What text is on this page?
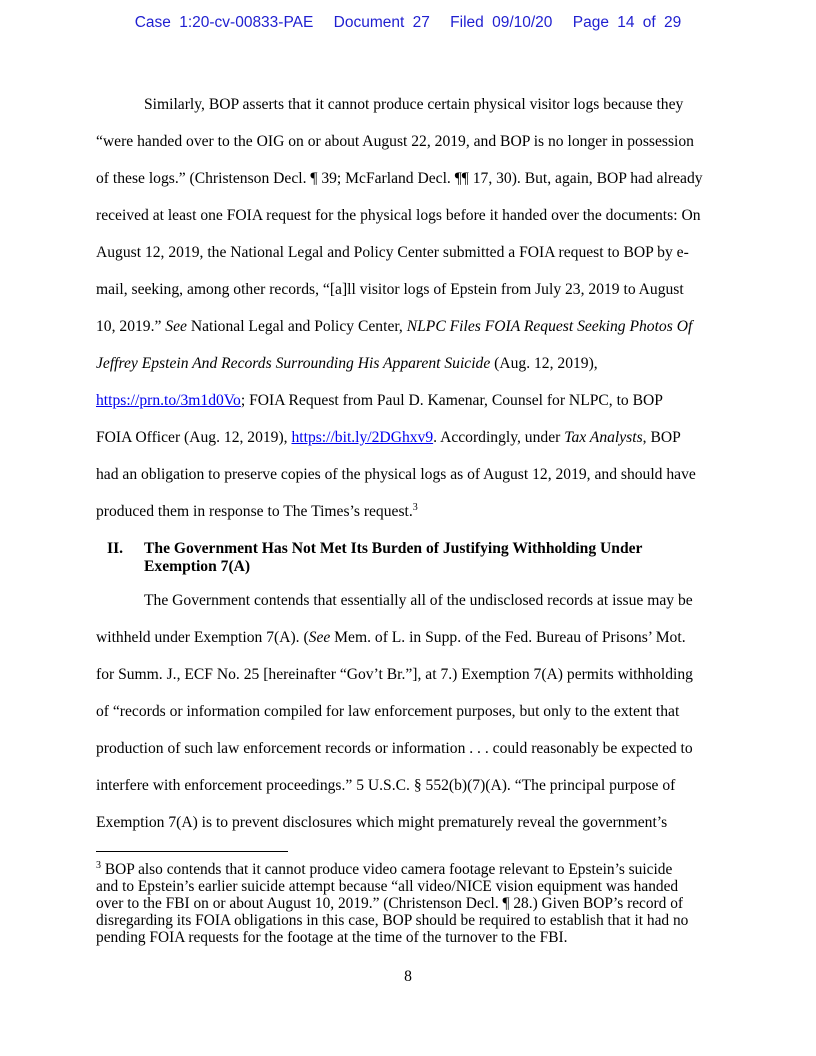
Case 1:20-cv-00833-PAE Document 27 Filed 09/10/20 Page 14 of 29
Similarly, BOP asserts that it cannot produce certain physical visitor logs because they
“were handed over to the OIG on or about August 22, 2019, and BOP is no longer in possession
of these logs.” (Christenson Decl. ¶ 39; McFarland Decl. ¶¶ 17, 30). But, again, BOP had already
received at least one FOIA request for the physical logs before it handed over the documents: On
August 12, 2019, the National Legal and Policy Center submitted a FOIA request to BOP by e-
mail, seeking, among other records, “[a]ll visitor logs of Epstein from July 23, 2019 to August
10, 2019.” See National Legal and Policy Center, NLPC Files FOIA Request Seeking Photos Of
Jeffrey Epstein And Records Surrounding His Apparent Suicide (Aug. 12, 2019),
https://prn.to/3m1d0Vo; FOIA Request from Paul D. Kamenar, Counsel for NLPC, to BOP
FOIA Officer (Aug. 12, 2019), https://bit.ly/2DGhxv9. Accordingly, under Tax Analysts, BOP
had an obligation to preserve copies of the physical logs as of August 12, 2019, and should have
produced them in response to The Times’s request.$^3$
II. The Government Has Not Met Its Burden of Justifying Withholding Under Exemption 7(A)
The Government contends that essentially all of the undisclosed records at issue may be
withheld under Exemption 7(A). (See Mem. of L. in Supp. of the Fed. Bureau of Prisons’ Mot.
for Summ. J., ECF No. 25 [hereinafter “Gov’t Br.”], at 7.) Exemption 7(A) permits withholding
of “records or information compiled for law enforcement purposes, but only to the extent that
production of such law enforcement records or information . . . could reasonably be expected to
interfere with enforcement proceedings.” 5 U.S.C. § 552(b)(7)(A). “The principal purpose of
Exemption 7(A) is to prevent disclosures which might prematurely reveal the government’s
$^3$ BOP also contends that it cannot produce video camera footage relevant to Epstein’s suicide
and to Epstein’s earlier suicide attempt because “all video/NICE vision equipment was handed
over to the FBI on or about August 10, 2019.” (Christenson Decl. ¶ 28.) Given BOP’s record of
disregarding its FOIA obligations in this case, BOP should be required to establish that it had no
pending FOIA requests for the footage at the time of the turnover to the FBI.
8
